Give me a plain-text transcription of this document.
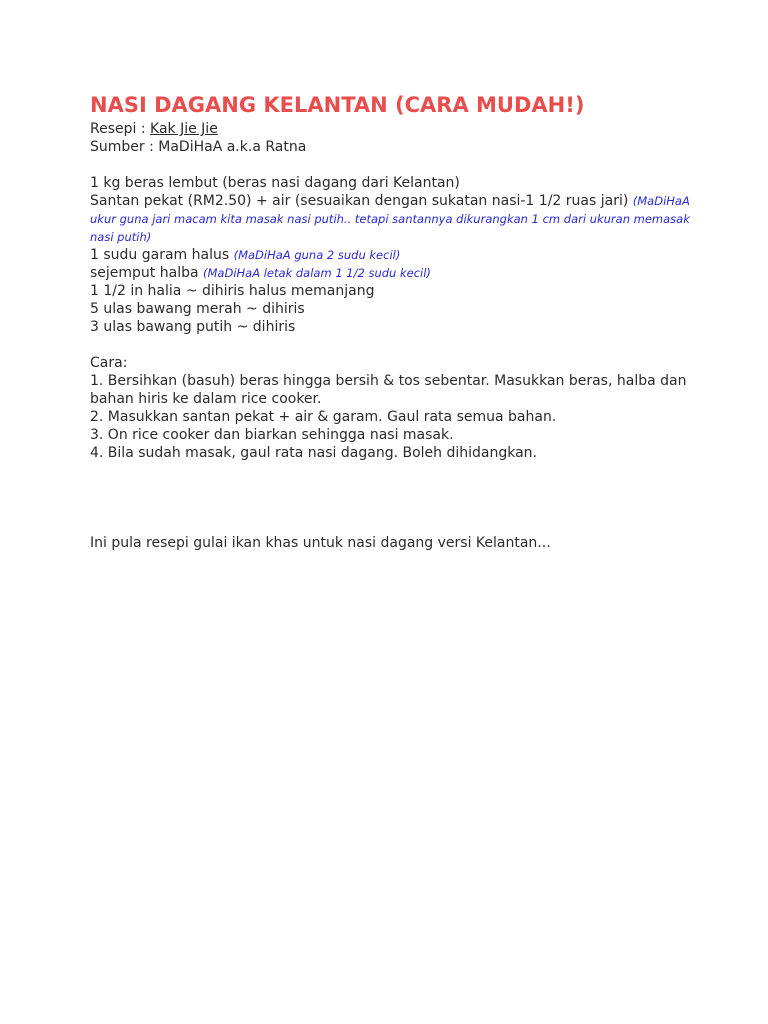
NASI DAGANG KELANTAN (CARA MUDAH!)

Resepi : Kak Jie Jie

Sumber : MaDiHaA a.k.a Ratna

1 kg beras lembut (beras nasi dagang dari Kelantan)

Santan pekat (RM2.50) + air (sesuaikan dengan sukatan nasi-1 1/2 ruas jari) (MaDiHaA ukur guna jari macam kita masak nasi putih.. tetapi santannya dikurangkan 1 cm dari ukuran memasak nasi putih)

1 sudu garam halus (MaDiHaA guna 2 sudu kecil)

sejemput halba (MaDiHaA letak dalam 1 1/2 sudu kecil)

1 1/2 in halia ~ dihiris halus memanjang

5 ulas bawang merah ~ dihiris

3 ulas bawang putih ~ dihiris

Cara:

1. Bersihkan (basuh) beras hingga bersih & tos sebentar. Masukkan beras, halba dan bahan hiris ke dalam rice cooker.

2. Masukkan santan pekat + air & garam. Gaul rata semua bahan.

3. On rice cooker dan biarkan sehingga nasi masak.

4. Bila sudah masak, gaul rata nasi dagang. Boleh dihidangkan.

Ini pula resepi gulai ikan khas untuk nasi dagang versi Kelantan...
